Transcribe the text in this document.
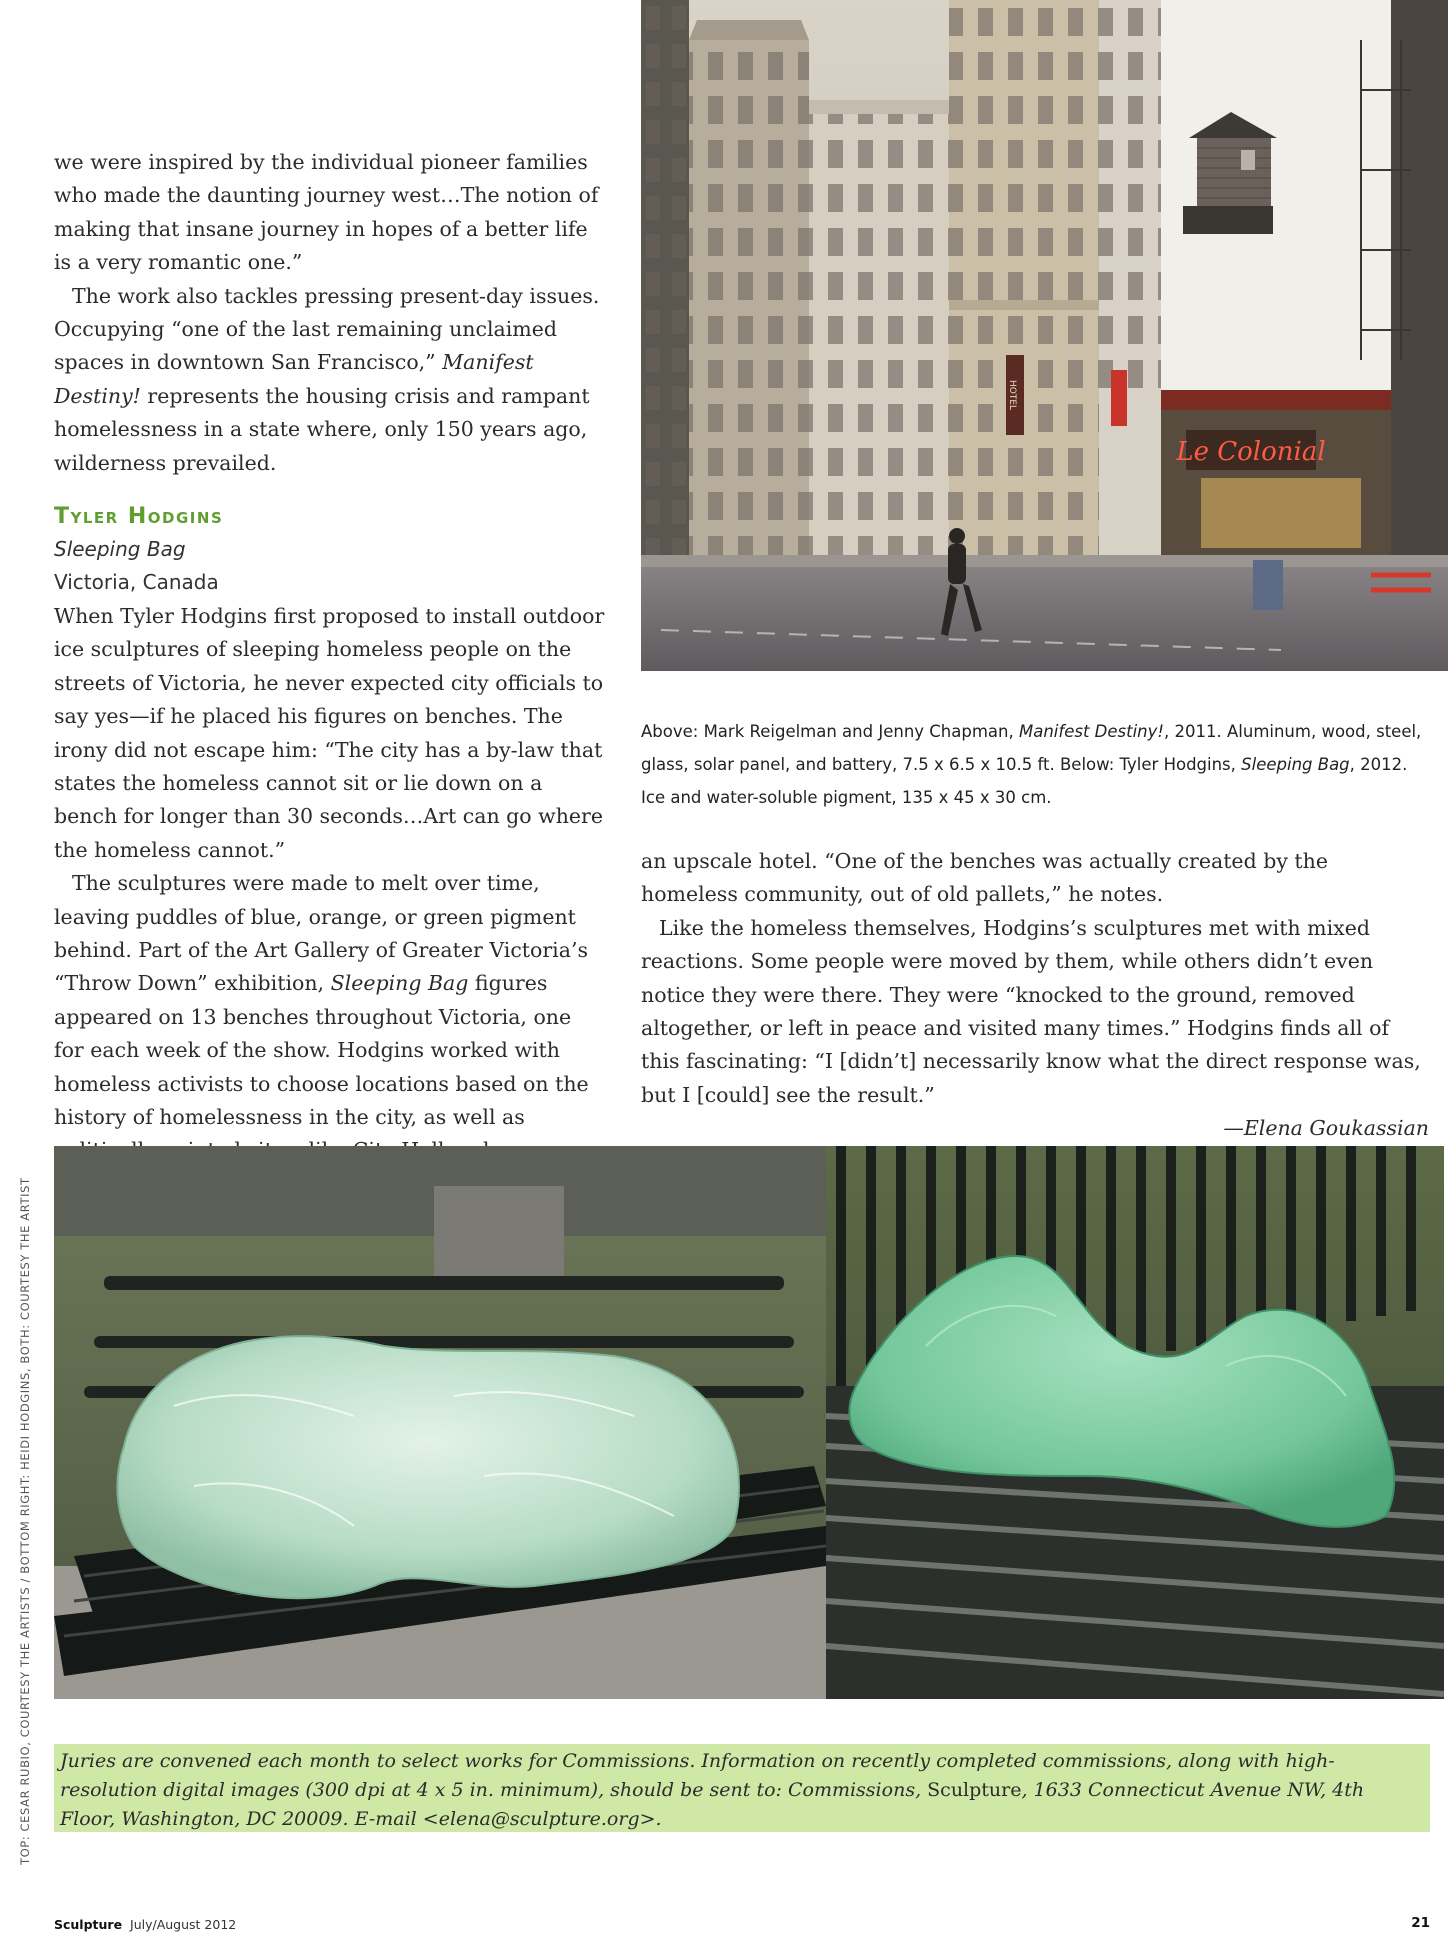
we were inspired by the individual pioneer families who made the daunting journey west…The notion of making that insane journey in hopes of a better life is a very romantic one.”

The work also tackles pressing present-day issues. Occupying “one of the last remaining unclaimed spaces in downtown San Francisco,” Manifest Destiny! represents the housing crisis and rampant homelessness in a state where, only 150 years ago, wilderness prevailed.

Tyler Hodgins
Sleeping Bag
Victoria, Canada

When Tyler Hodgins first proposed to install outdoor ice sculptures of sleeping homeless people on the streets of Victoria, he never expected city officials to say yes—if he placed his figures on benches. The irony did not escape him: “The city has a by-law that states the homeless cannot sit or lie down on a bench for longer than 30 seconds…Art can go where the homeless cannot.”

The sculptures were made to melt over time, leaving puddles of blue, orange, or green pigment behind. Part of the Art Gallery of Greater Victoria’s “Throw Down” exhibition, Sleeping Bag figures appeared on 13 benches throughout Victoria, one for each week of the show. Hodgins worked with homeless activists to choose locations based on the history of homelessness in the city, as well as

HOTEL
Le Colonial
Above: Mark Reigelman and Jenny Chapman, Manifest Destiny!, 2011. Aluminum, wood, steel, glass, solar panel, and battery, 7.5 x 6.5 x 10.5 ft. Below: Tyler Hodgins, Sleeping Bag, 2012. Ice and water-soluble pigment, 135 x 45 x 30 cm.

an upscale hotel. “One of the benches was actually created by the homeless community, out of old pallets,” he notes.

Like the homeless themselves, Hodgins’s sculptures met with mixed reactions. Some people were moved by them, while others didn’t even notice they were there. They were “knocked to the ground, removed altogether, or left in peace and visited many times.” Hodgins finds all of this fascinating: “I [didn’t] necessarily know what the direct response was, but I [could] see the result.”

—Elena Goukassian

TOP: CESAR RUBIO, COURTESY THE ARTISTS / BOTTOM RIGHT: HEIDI HODGINS, BOTH: COURTESY THE ARTIST	Juries are convened each month to select works for Commissions. Information on recently completed commissions, along with high-resolution digital images (300 dpi at 4 x 5 in. minimum), should be sent to: Commissions, Sculpture, 1633 Connecticut Avenue NW, 4th Floor, Washington, DC 20009. E-mail <elena@sculpture.org>.
Sculpture July/August 2012	21
